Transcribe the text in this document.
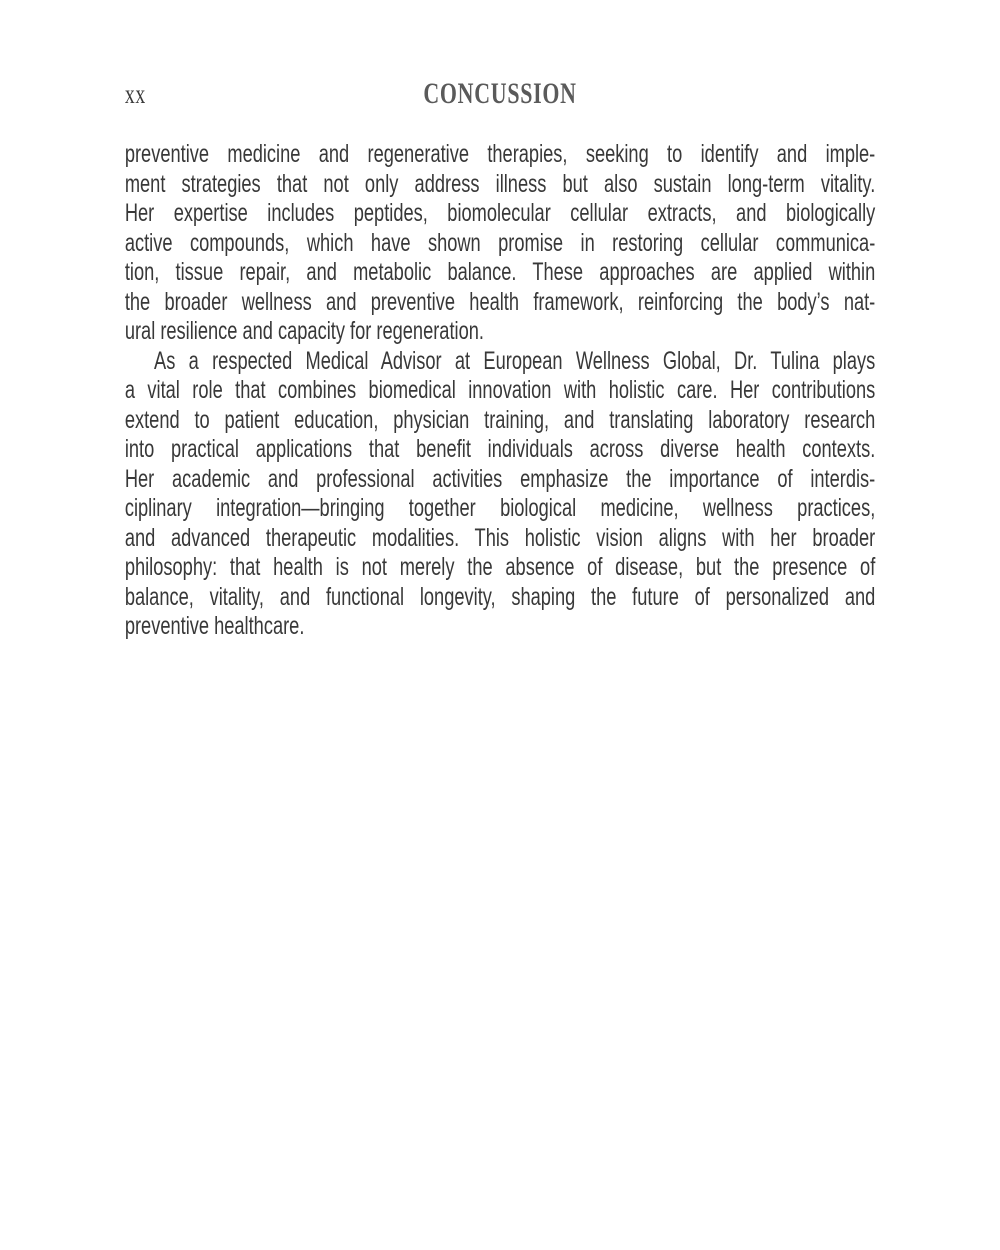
xx	CONCUSSION
preventive medicine and regenerative therapies, seeking to identify and imple-
ment strategies that not only address illness but also sustain long-term vitality.
Her expertise includes peptides, biomolecular cellular extracts, and biologically
active compounds, which have shown promise in restoring cellular communica-
tion, tissue repair, and metabolic balance. These approaches are applied within
the broader wellness and preventive health framework, reinforcing the body’s nat-
ural resilience and capacity for regeneration.
As a respected Medical Advisor at European Wellness Global, Dr. Tulina plays
a vital role that combines biomedical innovation with holistic care. Her contributions
extend to patient education, physician training, and translating laboratory research
into practical applications that benefit individuals across diverse health contexts.
Her academic and professional activities emphasize the importance of interdis-
ciplinary integration—bringing together biological medicine, wellness practices,
and advanced therapeutic modalities. This holistic vision aligns with her broader
philosophy: that health is not merely the absence of disease, but the presence of
balance, vitality, and functional longevity, shaping the future of personalized and
preventive healthcare.
